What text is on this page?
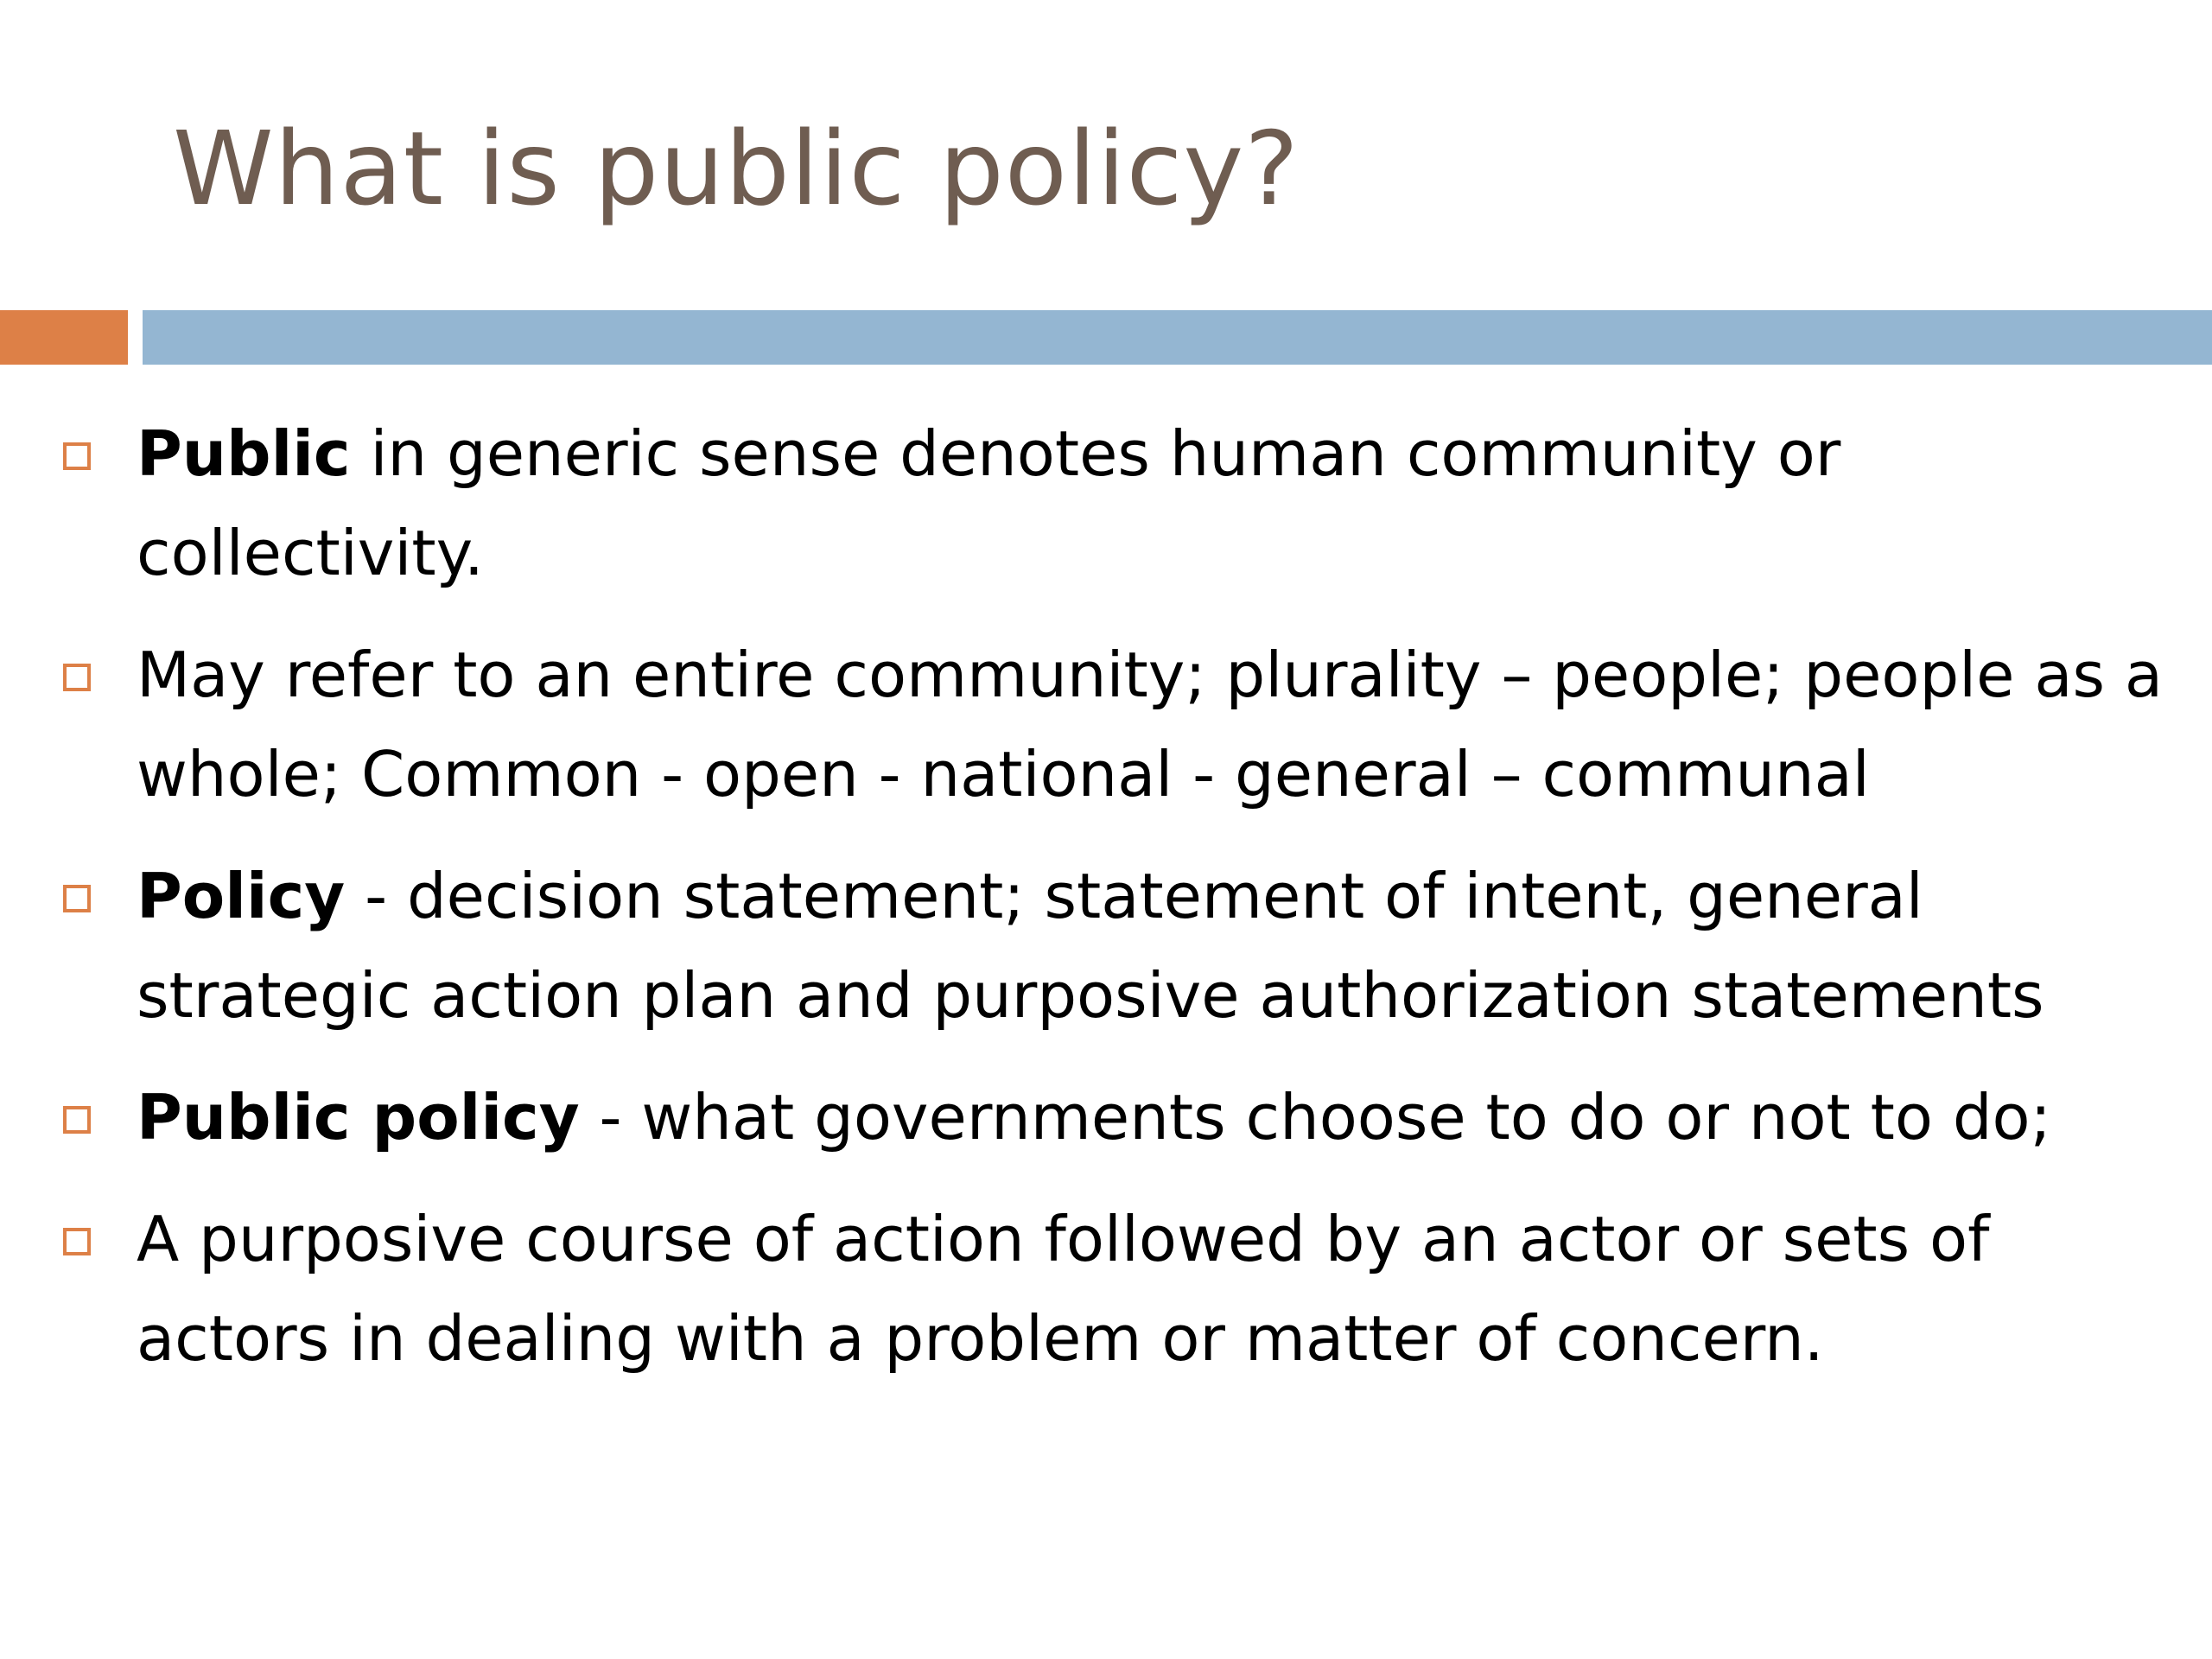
What is public policy?
Public in generic sense denotes human community or collectivity.
May refer to an entire community; plurality – people; people as a whole; Common - open - national - general – communal
Policy - decision statement; statement of intent, general strategic action plan and purposive authorization statements
Public policy - what governments choose to do or not to do;
A purposive course of action followed by an actor or sets of actors in dealing with a problem or matter of concern.
